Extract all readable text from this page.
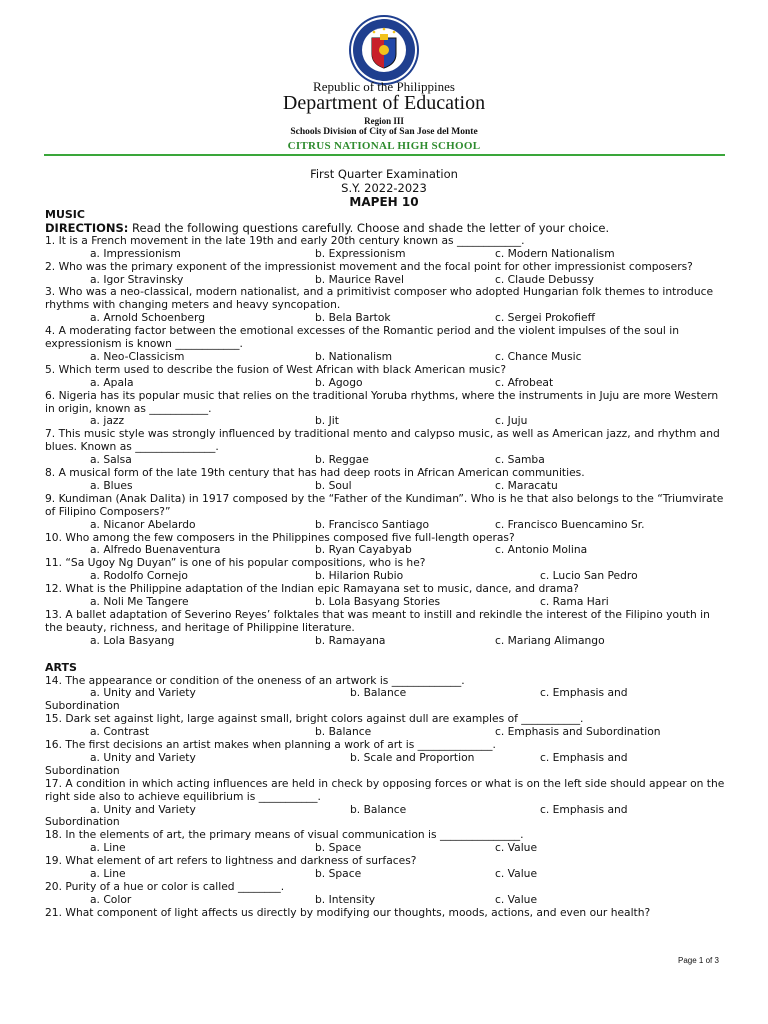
Republic of the Philippines
Department of Education
Region III
Schools Division of City of San Jose del Monte
CITRUS NATIONAL HIGH SCHOOL
First Quarter Examination
S.Y. 2022-2023
MAPEH 10
MUSIC
DIRECTIONS: Read the following questions carefully. Choose and shade the letter of your choice.
1. It is a French movement in the late 19th and early 20th century known as ____________.
a. Impressionism	b. Expressionism	c. Modern Nationalism
2. Who was the primary exponent of the impressionist movement and the focal point for other impressionist composers?
a. Igor Stravinsky	b. Maurice Ravel	c. Claude Debussy
3. Who was a neo-classical, modern nationalist, and a primitivist composer who adopted Hungarian folk themes to introduce rhythms with changing meters and heavy syncopation.
a. Arnold Schoenberg	b. Bela Bartok	c. Sergei Prokofieff
4. A moderating factor between the emotional excesses of the Romantic period and the violent impulses of the soul in expressionism is known ____________.
a. Neo-Classicism	b. Nationalism	c. Chance Music
5. Which term used to describe the fusion of West African with black American music?
a. Apala	b. Agogo	c. Afrobeat
6. Nigeria has its popular music that relies on the traditional Yoruba rhythms, where the instruments in Juju are more Western in origin, known as ___________.
a. jazz	b. Jit	c. Juju
7. This music style was strongly influenced by traditional mento and calypso music, as well as American jazz, and rhythm and blues. Known as _______________.
a. Salsa	b. Reggae	c. Samba
8. A musical form of the late 19th century that has had deep roots in African American communities.
a. Blues	b. Soul	c. Maracatu
9. Kundiman (Anak Dalita) in 1917 composed by the “Father of the Kundiman”. Who is he that also belongs to the “Triumvirate of Filipino Composers?”
a. Nicanor Abelardo	b. Francisco Santiago	c. Francisco Buencamino Sr.
10. Who among the few composers in the Philippines composed five full-length operas?
a. Alfredo Buenaventura	b. Ryan Cayabyab	c. Antonio Molina
11. “Sa Ugoy Ng Duyan” is one of his popular compositions, who is he?
a. Rodolfo Cornejo	b. Hilarion Rubio	c. Lucio San Pedro
12. What is the Philippine adaptation of the Indian epic Ramayana set to music, dance, and drama?
a. Noli Me Tangere	b. Lola Basyang Stories	c. Rama Hari
13. A ballet adaptation of Severino Reyes’ folktales that was meant to instill and rekindle the interest of the Filipino youth in the beauty, richness, and heritage of Philippine literature.
a. Lola Basyang	b. Ramayana	c. Mariang Alimango
ARTS
14. The appearance or condition of the oneness of an artwork is _____________.
a. Unity and Variety	b. Balance	c. Emphasis and
Subordination
15. Dark set against light, large against small, bright colors against dull are examples of ___________.
a. Contrast	b. Balance	c. Emphasis and Subordination
16. The first decisions an artist makes when planning a work of art is ______________.
a. Unity and Variety	b. Scale and Proportion	c. Emphasis and
Subordination
17. A condition in which acting influences are held in check by opposing forces or what is on the left side should appear on the right side also to achieve equilibrium is ___________.
a. Unity and Variety	b. Balance	c. Emphasis and
Subordination
18. In the elements of art, the primary means of visual communication is _______________.
a. Line	b. Space	c. Value
19. What element of art refers to lightness and darkness of surfaces?
a. Line	b. Space	c. Value
20. Purity of a hue or color is called ________.
a. Color	b. Intensity	c. Value
21. What component of light affects us directly by modifying our thoughts, moods, actions, and even our health?
Page 1 of 3
